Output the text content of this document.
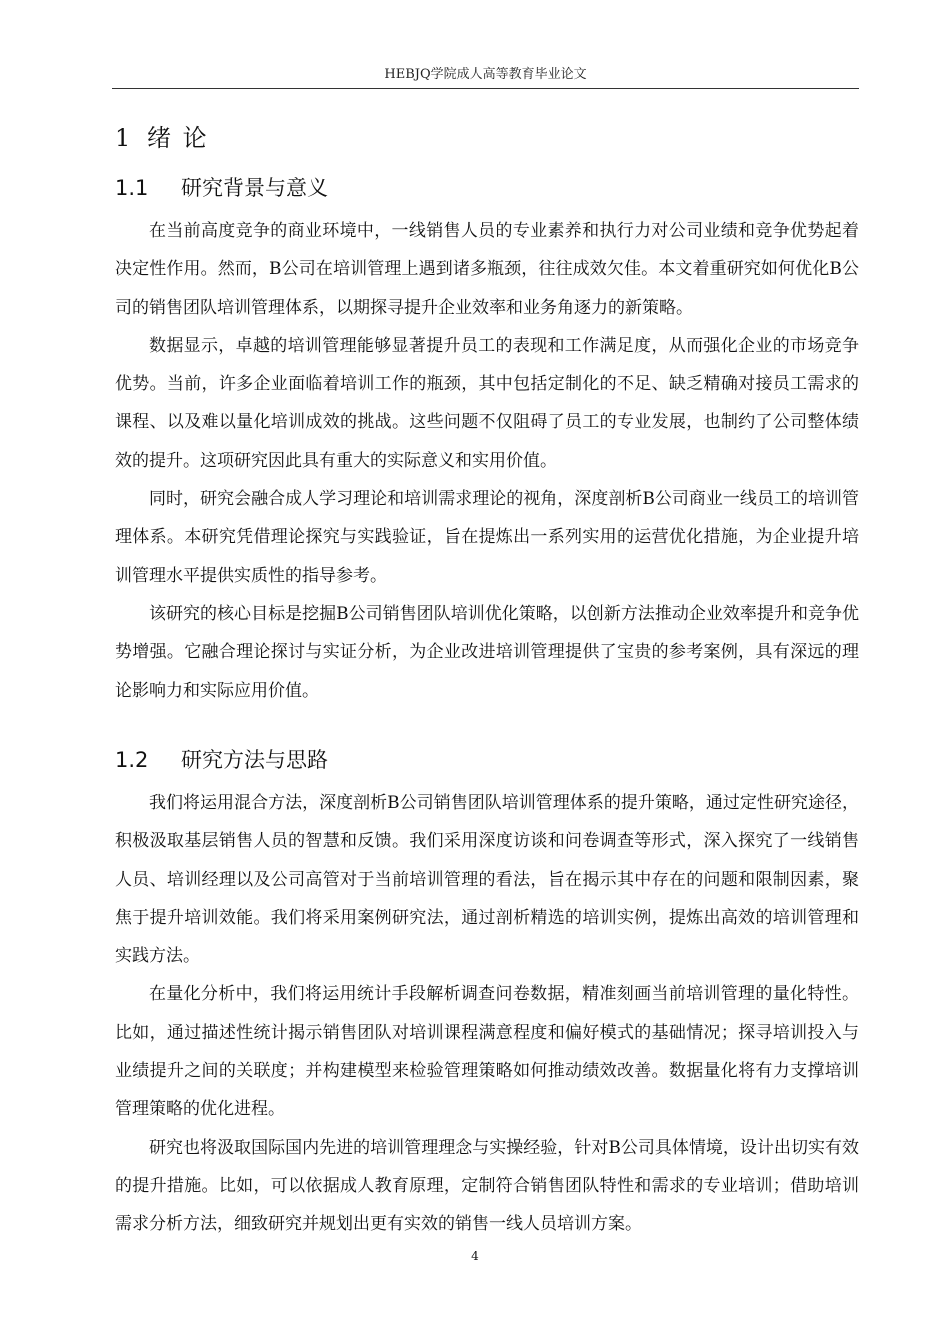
HEBJQ学院成人高等教育毕业论文
1 绪 论
1.1 研究背景与意义

在当前高度竞争的商业环境中，一线销售人员的专业素养和执行力对公司业绩和竞争优势起着决定性作用。然而，B公司在培训管理上遇到诸多瓶颈，往往成效欠佳。本文着重研究如何优化B公司的销售团队培训管理体系，以期探寻提升企业效率和业务角逐力的新策略。

数据显示，卓越的培训管理能够显著提升员工的表现和工作满足度，从而强化企业的市场竞争优势。当前，许多企业面临着培训工作的瓶颈，其中包括定制化的不足、缺乏精确对接员工需求的课程、以及难以量化培训成效的挑战。这些问题不仅阻碍了员工的专业发展，也制约了公司整体绩效的提升。这项研究因此具有重大的实际意义和实用价值。

同时，研究会融合成人学习理论和培训需求理论的视角，深度剖析B公司商业一线员工的培训管理体系。本研究凭借理论探究与实践验证，旨在提炼出一系列实用的运营优化措施，为企业提升培训管理水平提供实质性的指导参考。

该研究的核心目标是挖掘B公司销售团队培训优化策略，以创新方法推动企业效率提升和竞争优势增强。它融合理论探讨与实证分析，为企业改进培训管理提供了宝贵的参考案例，具有深远的理论影响力和实际应用价值。

1.2 研究方法与思路

我们将运用混合方法，深度剖析B公司销售团队培训管理体系的提升策略，通过定性研究途径，积极汲取基层销售人员的智慧和反馈。我们采用深度访谈和问卷调查等形式，深入探究了一线销售人员、培训经理以及公司高管对于当前培训管理的看法，旨在揭示其中存在的问题和限制因素，聚焦于提升培训效能。我们将采用案例研究法，通过剖析精选的培训实例，提炼出高效的培训管理和实践方法。

在量化分析中，我们将运用统计手段解析调查问卷数据，精准刻画当前培训管理的量化特性。比如，通过描述性统计揭示销售团队对培训课程满意程度和偏好模式的基础情况；探寻培训投入与业绩提升之间的关联度；并构建模型来检验管理策略如何推动绩效改善。数据量化将有力支撑培训管理策略的优化进程。

研究也将汲取国际国内先进的培训管理理念与实操经验，针对B公司具体情境，设计出切实有效的提升措施。比如，可以依据成人教育原理，定制符合销售团队特性和需求的专业培训；借助培训需求分析方法，细致研究并规划出更有实效的销售一线人员培训方案。

4
